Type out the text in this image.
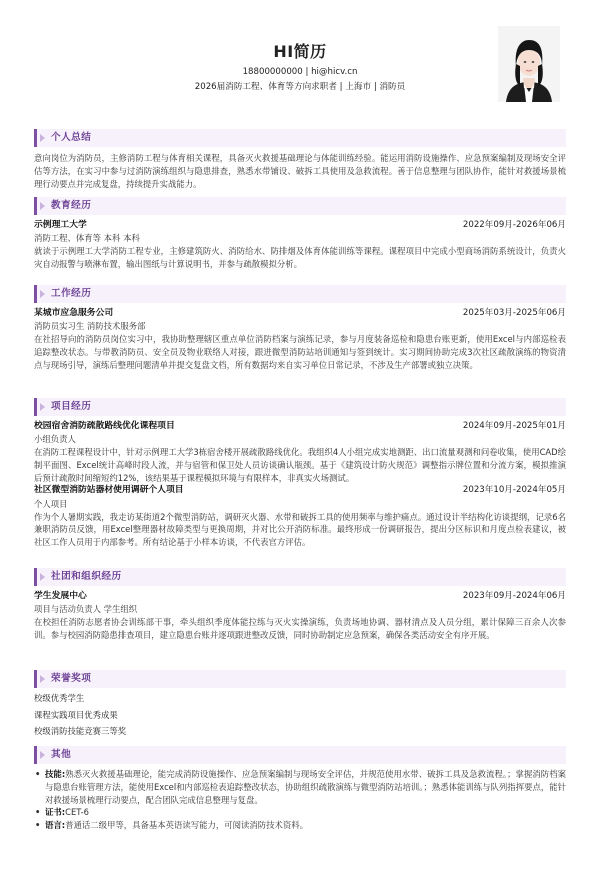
HI简历
18800000000 | hi@hicv.cn
2026届消防工程、体育等方向求职者 | 上海市 | 消防员
个人总结
意向岗位为消防员，主修消防工程与体育相关课程，具备灭火救援基础理论与体能训练经验。能运用消防设施操作、应急预案编制及现场安全评估等方法，在实习中参与过消防演练组织与隐患排查，熟悉水带铺设、破拆工具使用及急救流程。善于信息整理与团队协作，能针对救援场景梳理行动要点并完成复盘，持续提升实战能力。
教育经历
示例理工大学	2022年09月-2026年06月
消防工程、体育等 本科 本科
就读于示例理工大学消防工程专业，主修建筑防火、消防给水、防排烟及体育体能训练等课程。课程项目中完成小型商场消防系统设计，负责火灾自动报警与喷淋布置，输出图纸与计算说明书，并参与疏散模拟分析。
工作经历
某城市应急服务公司	2025年03月-2025年06月
消防员实习生 消防技术服务部
在社招导向的消防员岗位实习中，我协助整理辖区重点单位消防档案与演练记录，参与月度装备巡检和隐患台账更新，使用Excel与内部巡检表追踪整改状态。与带教消防员、安全员及物业联络人对接，跟进微型消防站培训通知与签到统计。实习期间协助完成3次社区疏散演练的物资清点与现场引导，演练后整理问题清单并提交复盘文档，所有数据均来自实习单位日常记录，不涉及生产部署或独立决策。
项目经历
校园宿舍消防疏散路线优化课程项目	2024年09月-2025年01月
小组负责人
在消防工程课程设计中，针对示例理工大学3栋宿舍楼开展疏散路线优化。我组织4人小组完成实地测距、出口流量观测和问卷收集，使用CAD绘制平面图、Excel统计高峰时段人流，并与宿管和保卫处人员访谈确认瓶颈。基于《建筑设计防火规范》调整指示牌位置和分流方案，模拟推演后预计疏散时间缩短约12%，该结果基于课程模拟环境与有限样本，非真实火场测试。
社区微型消防站器材使用调研个人项目	2023年10月-2024年05月
个人项目
作为个人暑期实践，我走访某街道2个微型消防站，调研灭火器、水带和破拆工具的使用频率与维护痛点。通过设计半结构化访谈提纲，记录6名兼职消防员反馈，用Excel整理器材故障类型与更换周期，并对比公开消防标准。最终形成一份调研报告，提出分区标识和月度点检表建议，被社区工作人员用于内部参考。所有结论基于小样本访谈，不代表官方评估。
社团和组织经历
学生发展中心	2023年09月-2024年06月
项目与活动负责人 学生组织
在校担任消防志愿者协会训练部干事，牵头组织季度体能拉练与灭火实操演练，负责场地协调、器材清点及人员分组，累计保障三百余人次参训。参与校园消防隐患排查项目，建立隐患台账并逐项跟进整改反馈，同时协助制定应急预案，确保各类活动安全有序开展。
荣誉奖项
校级优秀学生
课程实践项目优秀成果
校级消防技能竞赛三等奖
其他
• 技能:熟悉灭火救援基础理论，能完成消防设施操作、应急预案编制与现场安全评估，并规范使用水带、破拆工具及急救流程。；掌握消防档案与隐患台账管理方法，能使用Excel和内部巡检表追踪整改状态，协助组织疏散演练与微型消防站培训。；熟悉体能训练与队列指挥要点，能针对救援场景梳理行动要点，配合团队完成信息整理与复盘。
• 证书:CET-6
• 语言:普通话二级甲等，具备基本英语读写能力，可阅读消防技术资料。
